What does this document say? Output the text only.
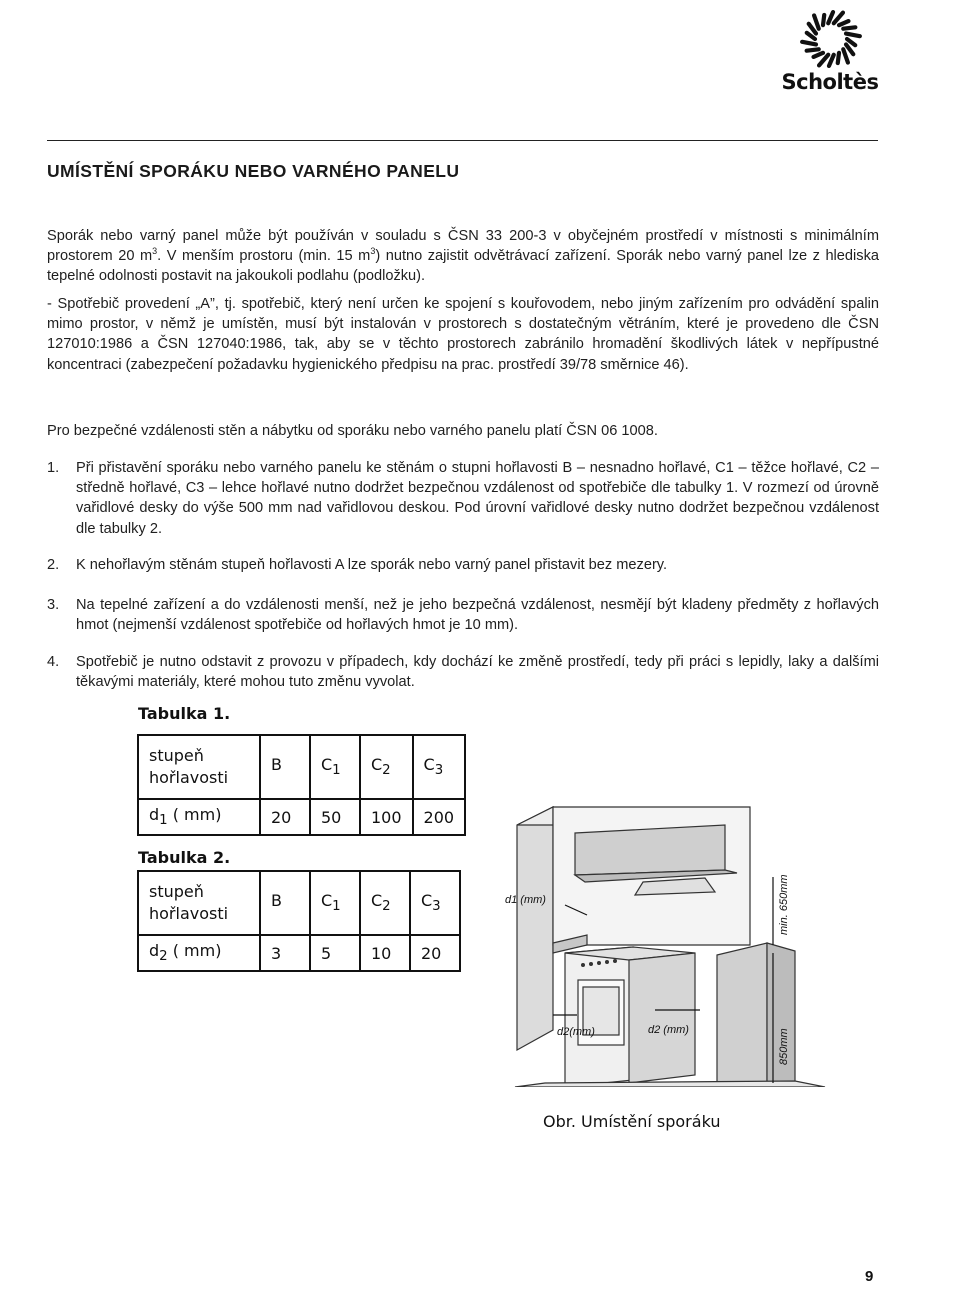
Scholtès
UMÍSTĚNÍ SPORÁKU NEBO VARNÉHO PANELU

Sporák nebo varný panel může být používán v souladu s ČSN 33 200-3 v obyčejném prostředí v místnosti s minimálním prostorem 20 $m^3$. V menším prostoru (min. 15 $m^3$) nutno zajistit odvětrávací zařízení. Sporák nebo varný panel lze z hlediska tepelné odolnosti postavit na jakoukoli podlahu (podložku).

- Spotřebič provedení „A”, tj. spotřebič, který není určen ke spojení s kouřovodem, nebo jiným zařízením pro odvádění spalin mimo prostor, v němž je umístěn, musí být instalován v prostorech s dostatečným větráním, které je provedeno dle ČSN 127010:1986 a ČSN 127040:1986, tak, aby se v těchto prostorech zabránilo hromadění škodlivých látek v nepřípustné koncentraci (zabezpečení požadavku hygienického předpisu na prac. prostředí 39/78 směrnice 46).

Pro bezpečné vzdálenosti stěn a nábytku od sporáku nebo varného panelu platí ČSN 06 1008.

1. Při přistavění sporáku nebo varného panelu ke stěnám o stupni hořlavosti B – nesnadno hořlavé, C1 – těžce hořlavé, C2 – středně hořlavé, C3 – lehce hořlavé nutno dodržet bezpečnou vzdálenost od spotřebiče dle tabulky 1. V rozmezí od úrovně vařidlové desky do výše 500 mm nad vařidlovou deskou. Pod úrovní vařidlové desky nutno dodržet bezpečnou vzdálenost dle tabulky 2.
2. K nehořlavým stěnám stupeň hořlavosti A lze sporák nebo varný panel přistavit bez mezery.
3. Na tepelné zařízení a do vzdálenosti menší, než je jeho bezpečná vzdálenost, nesmějí být kladeny předměty z hořlavých hmot (nejmenší vzdálenost spotřebiče od hořlavých hmot je 10 mm).
4. Spotřebič je nutno odstavit z provozu v případech, kdy dochází ke změně prostředí, tedy při práci s lepidly, laky a dalšími těkavými materiály, které mohou tuto změnu vyvolat.
Tabulka 1.
stupeň
hořlavosti	B	$C_1$	$C_2$	$C_3$
$d_1$ ( mm)	20	50	100	200
Tabulka 2.
stupeň
hořlavosti	B	$C_1$	$C_2$	$C_3$
$d_2$ ( mm)	3	5	10	20
d1 (mm)
d2(mm)	d2 (mm)
min. 650mm
850mm
Obr. Umístění sporáku
9
